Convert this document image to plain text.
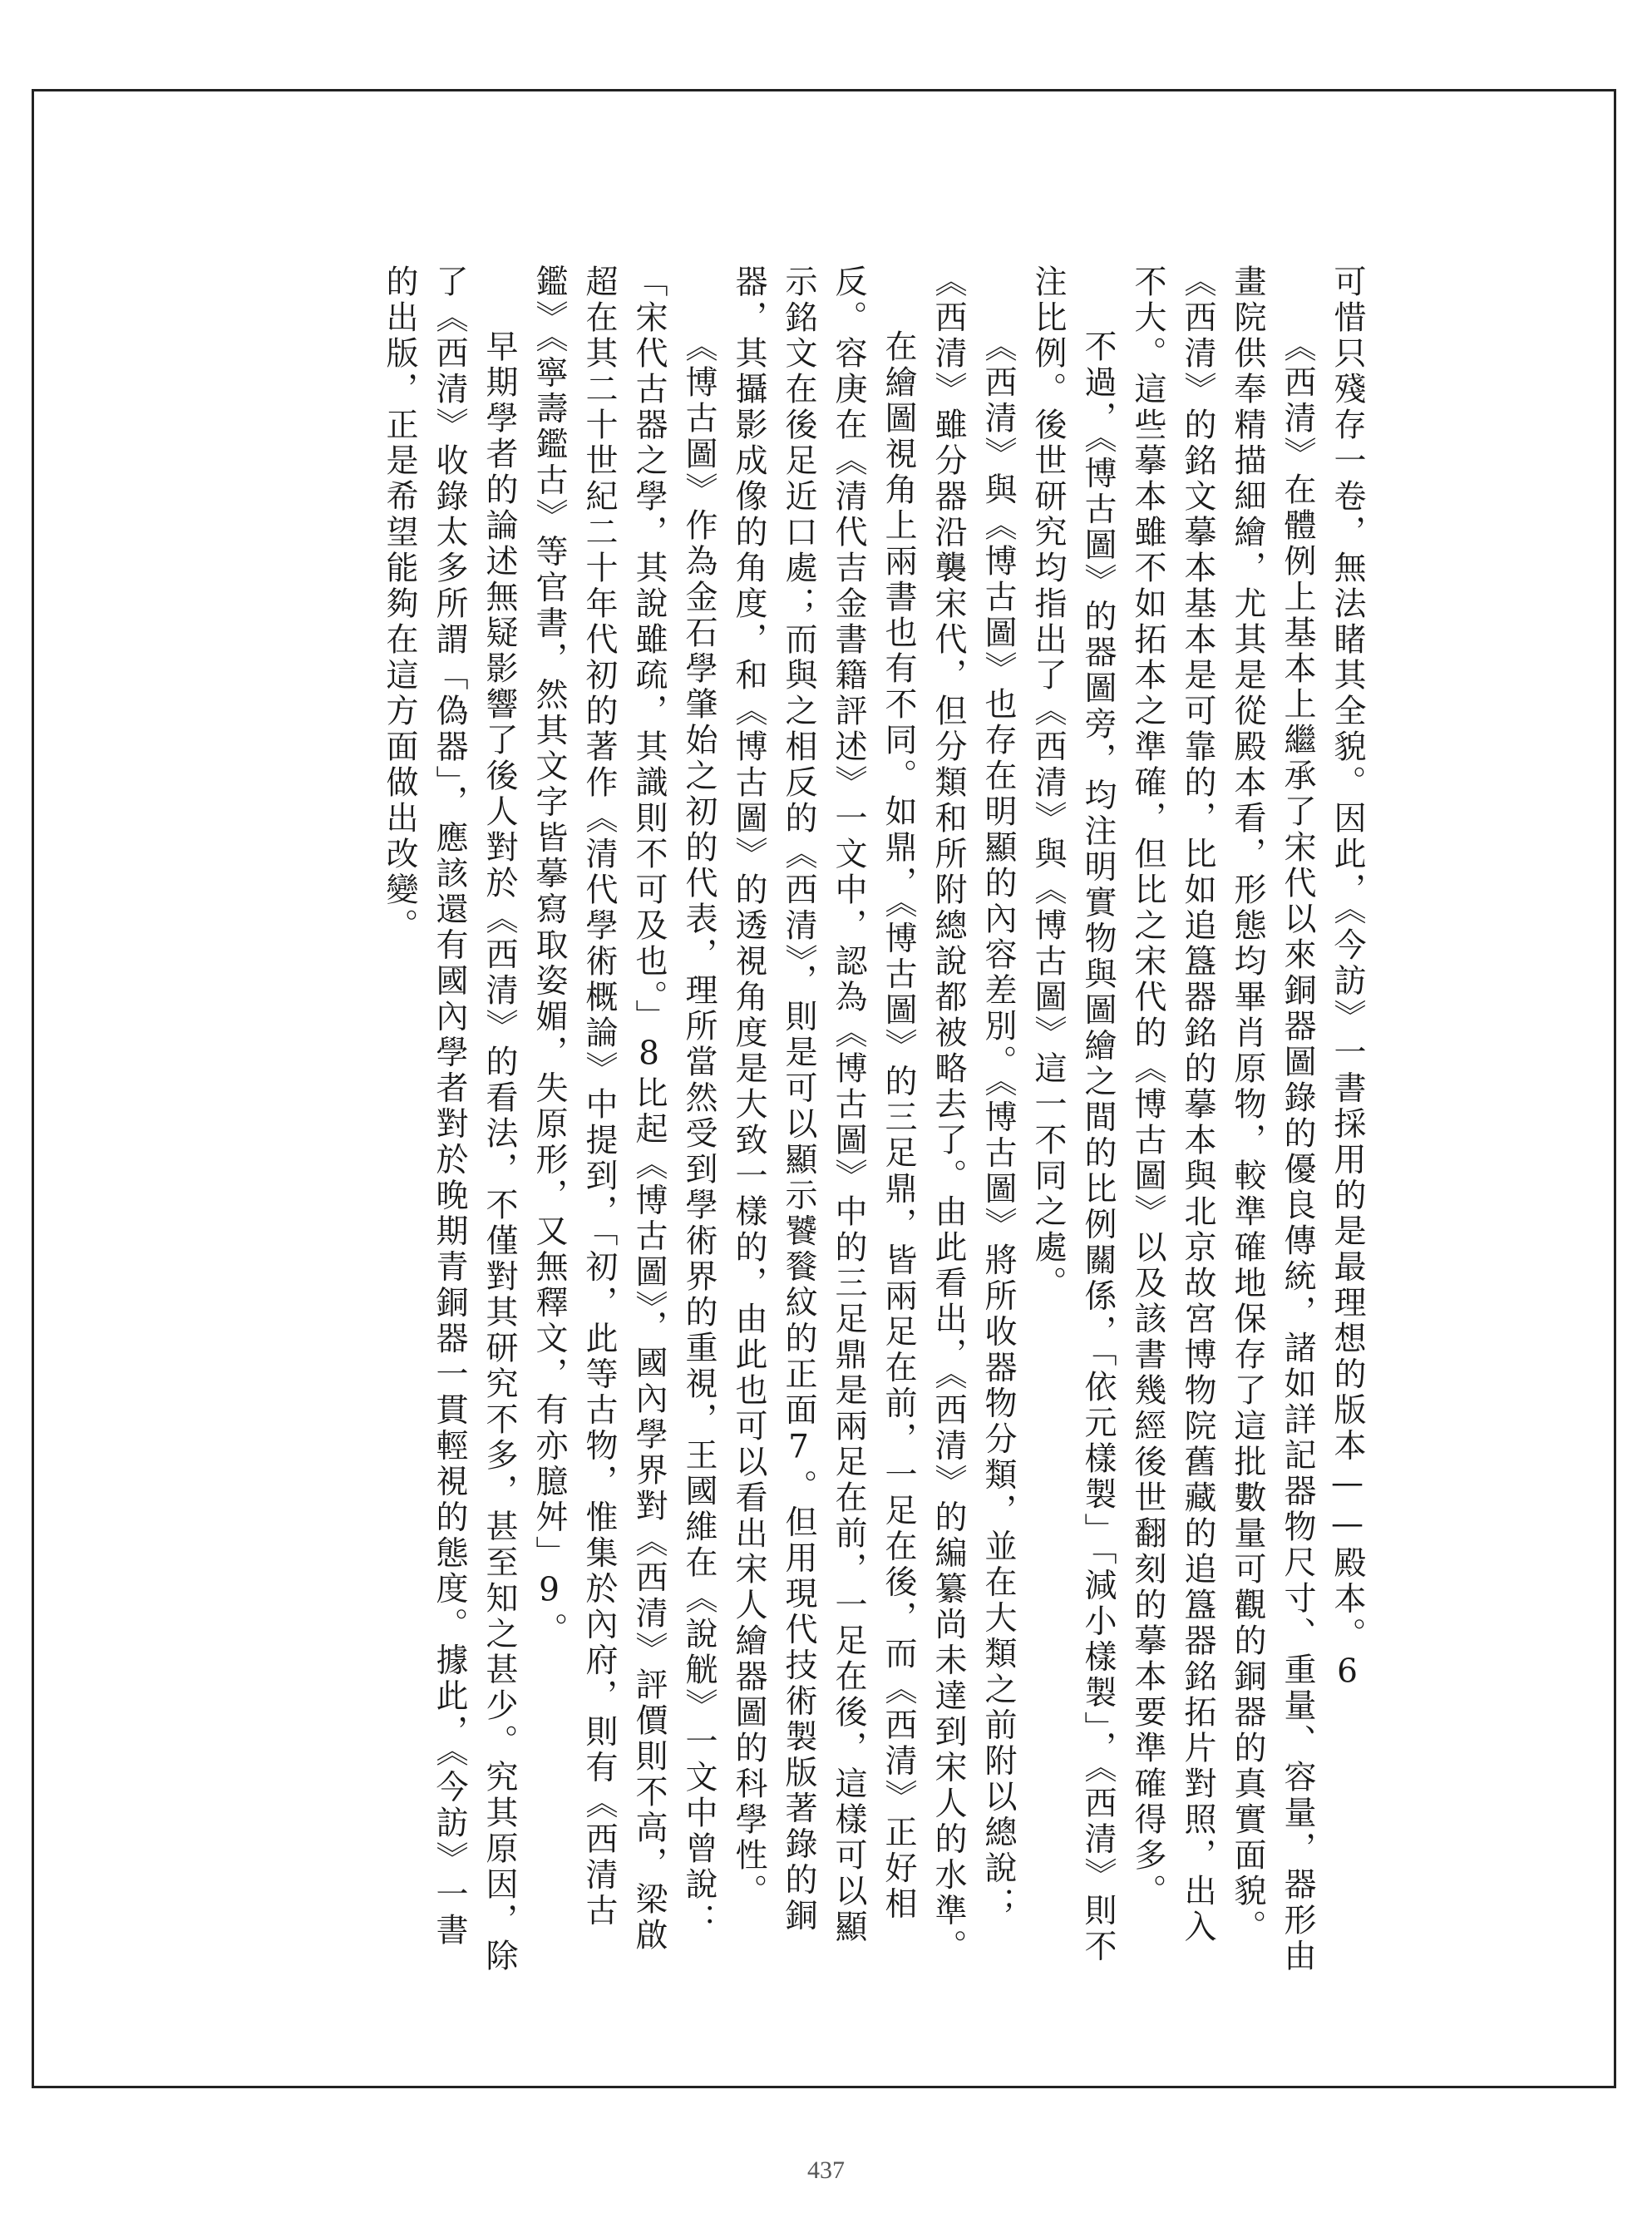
可惜只殘存一卷，無法睹其全貌。因此，《今訪》一書採用的是最理想的版本——殿本。6

《西清》在體例上基本上繼承了宋代以來銅器圖錄的優良傳統，諸如詳記器物尺寸、重量、容量，器形由畫院供奉精描細繪，尤其是從殿本看，形態均畢肖原物，較準確地保存了這批數量可觀的銅器的真實面貌。《西清》的銘文摹本基本是可靠的，比如追簋器銘的摹本與北京故宮博物院舊藏的追簋器銘拓片對照，出入不大。這些摹本雖不如拓本之準確，但比之宋代的《博古圖》以及該書幾經後世翻刻的摹本要準確得多。

不過，《博古圖》的器圖旁，均注明實物與圖繪之間的比例關係，「依元樣製」「減小樣製」，《西清》則不注比例。後世研究均指出了《西清》與《博古圖》這一不同之處。

《西清》與《博古圖》也存在明顯的內容差別。《博古圖》將所收器物分類，並在大類之前附以總說；《西清》雖分器沿襲宋代，但分類和所附總說都被略去了。由此看出，《西清》的編纂尚未達到宋人的水準。

在繪圖視角上兩書也有不同。如鼎，《博古圖》的三足鼎，皆兩足在前，一足在後，而《西清》正好相反。容庚在《清代吉金書籍評述》一文中，認為《博古圖》中的三足鼎是兩足在前，一足在後，這樣可以顯示銘文在後足近口處；而與之相反的《西清》，則是可以顯示饕餮紋的正面7。但用現代技術製版著錄的銅器，其攝影成像的角度，和《博古圖》的透視角度是大致一樣的，由此也可以看出宋人繪器圖的科學性。

《博古圖》作為金石學肇始之初的代表，理所當然受到學術界的重視，王國維在《說觥》一文中曾說：「宋代古器之學，其說雖疏，其識則不可及也。」8比起《博古圖》，國內學界對《西清》評價則不高，梁啟超在其二十世紀二十年代初的著作《清代學術概論》中提到，「初，此等古物，惟集於內府，則有《西清古鑑》《寧壽鑑古》等官書，然其文字皆摹寫取姿媚，失原形，又無釋文，有亦臆舛」9。

早期學者的論述無疑影響了後人對於《西清》的看法，不僅對其研究不多，甚至知之甚少。究其原因，除了《西清》收錄太多所謂「偽器」，應該還有國內學者對於晚期青銅器一貫輕視的態度。據此，《今訪》一書的出版，正是希望能夠在這方面做出改變。

437
